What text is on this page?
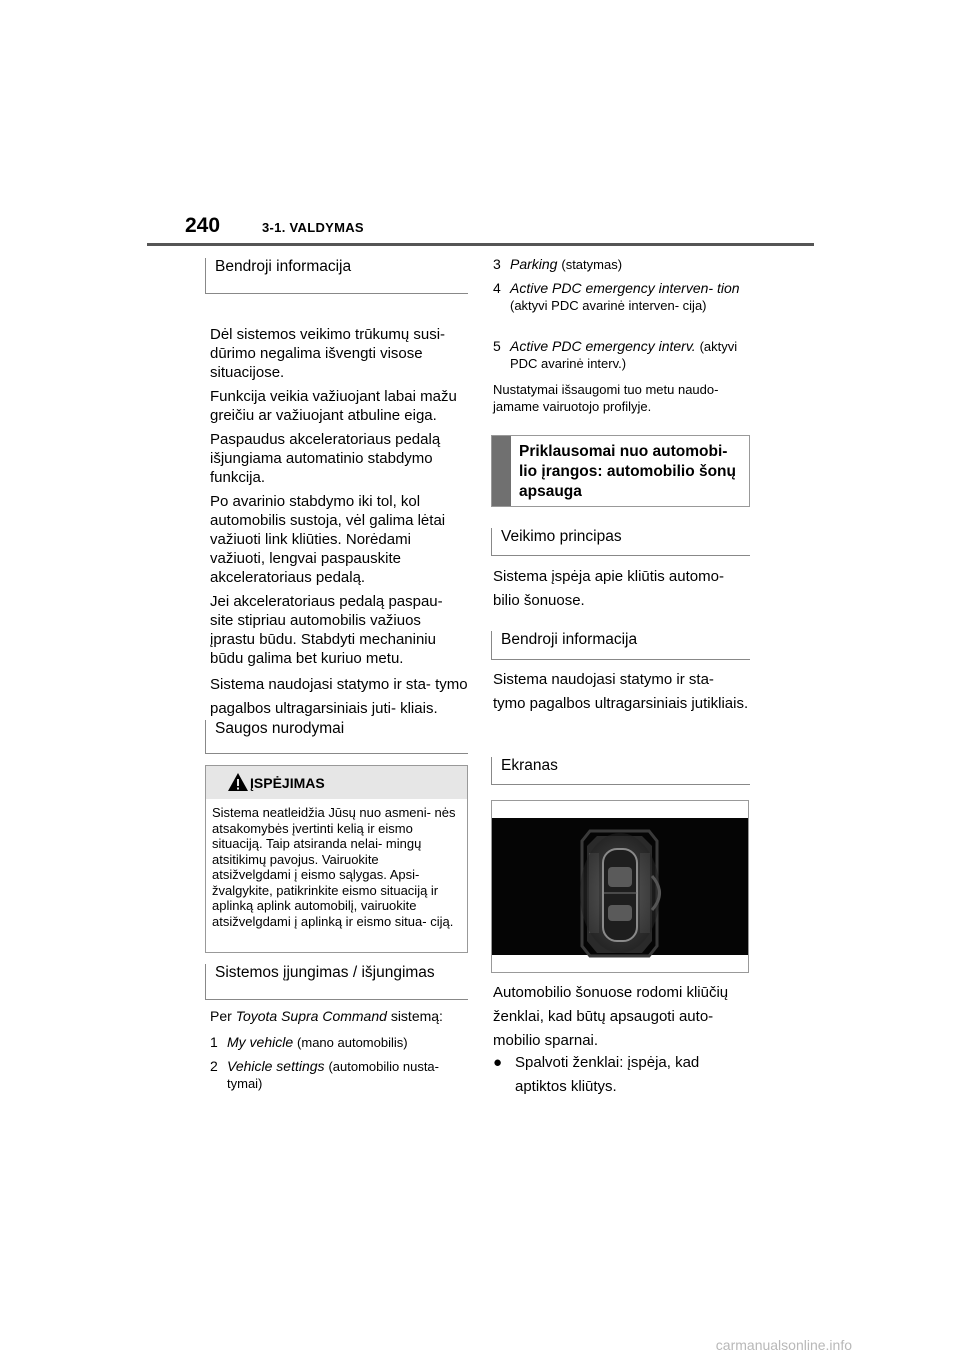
240	3-1. VALDYMAS
Bendroji informacija

Dėl sistemos veikimo trūkumų susi- dūrimo negalima išvengti visose situacijose.

Funkcija veikia važiuojant labai mažu greičiu ar važiuojant atbuline eiga.

Paspaudus akceleratoriaus pedalą išjungiama automatinio stabdymo funkcija.

Po avarinio stabdymo iki tol, kol automobilis sustoja, vėl galima lėtai važiuoti link kliūties. Norėdami važiuoti, lengvai paspauskite akceleratoriaus pedalą.

Jei akceleratoriaus pedalą paspau- site stipriau automobilis važiuos įprastu būdu. Stabdyti mechaniniu būdu galima bet kuriuo metu.

Sistema naudojasi statymo ir sta- tymo pagalbos ultragarsiniais juti- kliais.

Saugos nurodymai
ĮSPĖJIMAS
Sistema neatleidžia Jūsų nuo asmeni- nės atsakomybės įvertinti kelią ir eismo situaciją. Taip atsiranda nelai- mingų atsitikimų pavojus. Vairuokite atsižvelgdami į eismo sąlygas. Apsi- žvalgykite, patikrinkite eismo situaciją ir aplinką aplink automobilį, vairuokite atsižvelgdami į aplinką ir eismo situa- ciją.
Sistemos įjungimas / išjungimas
Per Toyota Supra Command sistemą:
1 My vehicle (mano automobilis)
2 Vehicle settings (automobilio nusta- tymai)
3 Parking (statymas)
4 Active PDC emergency interven- tion (aktyvi PDC avarinė interven- cija)
5 Active PDC emergency interv. (aktyvi PDC avarinė interv.)
Nustatymai išsaugomi tuo metu naudo- jamame vairuotojo profilyje.
Priklausomai nuo automobi- lio įrangos: automobilio šonų apsauga
Veikimo principas
Sistema įspėja apie kliūtis automo- bilio šonuose.
Bendroji informacija
Sistema naudojasi statymo ir sta- tymo pagalbos ultragarsiniais jutikliais.
Ekranas
Automobilio šonuose rodomi kliūčių ženklai, kad būtų apsaugoti auto- mobilio sparnai.
● Spalvoti ženklai: įspėja, kad aptiktos kliūtys.
carmanualsonline.info
